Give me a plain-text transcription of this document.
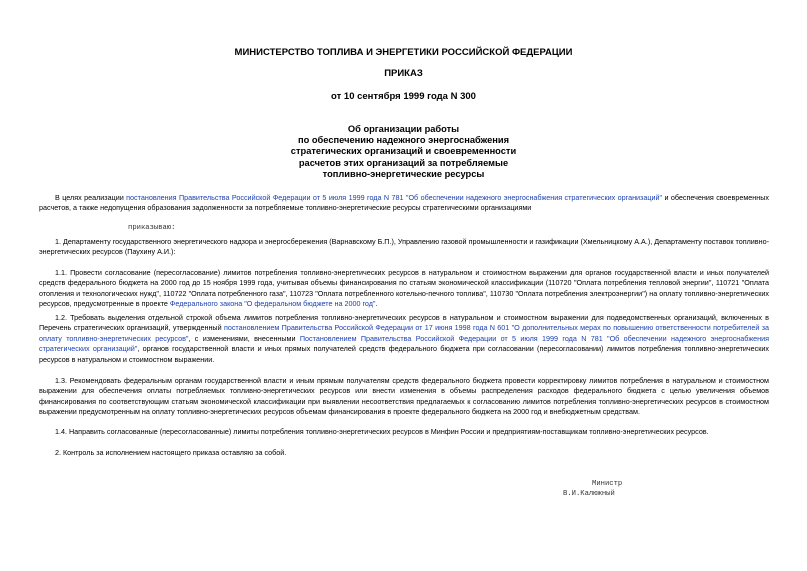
МИНИСТЕРСТВО ТОПЛИВА И ЭНЕРГЕТИКИ РОССИЙСКОЙ ФЕДЕРАЦИИ
ПРИКАЗ
от 10 сентября 1999 года N 300
Об организации работы
по обеспечению надежного энергоснабжения
стратегических организаций и своевременности
расчетов этих организаций за потребляемые
топливно-энергетические ресурсы
В целях реализации постановления Правительства Российской Федерации от 5 июля 1999 года N 781 "Об обеспечении надежного энергоснабжения стратегических организаций" и обеспечения своевременных расчетов, а также недопущения образования задолженности за потребляемые топливно-энергетические ресурсы стратегическими организациями
приказываю:
1. Департаменту государственного энергетического надзора и энергосбережения (Варнавскому Б.П.), Управлению газовой промышленности и газификации (Хмельницкому А.А.), Департаменту поставок топливно-энергетических ресурсов (Паухину А.И.):
1.1. Провести согласование (пересогласование) лимитов потребления топливно-энергетических ресурсов в натуральном и стоимостном выражении для органов государственной власти и иных получателей средств федерального бюджета на 2000 год до 15 ноября 1999 года, учитывая объемы финансирования по статьям экономической классификации (110720 "Оплата потребления тепловой энергии", 110721 "Оплата отопления и технологических нужд", 110722 "Оплата потребленного газа", 110723 "Оплата потребленного котельно-печного топлива", 110730 "Оплата потребления электроэнергии") на оплату топливно-энергетических ресурсов, предусмотренные в проекте Федерального закона "О федеральном бюджете на 2000 год".
1.2. Требовать выделения отдельной строкой объема лимитов потребления топливно-энергетических ресурсов в натуральном и стоимостном выражении для подведомственных организаций, включенных в Перечень стратегических организаций, утвержденный постановлением Правительства Российской Федерации от 17 июня 1998 года N 601 "О дополнительных мерах по повышению ответственности потребителей за оплату топливно-энергетических ресурсов", с изменениями, внесенными Постановлением Правительства Российской Федерации от 5 июля 1999 года N 781 "Об обеспечении надежного энергоснабжения стратегических организаций", органов государственной власти и иных прямых получателей средств федерального бюджета при согласовании (пересогласовании) лимитов потребления топливно-энергетических ресурсов в натуральном и стоимостном выражении.
1.3. Рекомендовать федеральным органам государственной власти и иным прямым получателям средств федерального бюджета провести корректировку лимитов потребления в натуральном и стоимостном выражении для обеспечения оплаты потребляемых топливно-энергетических ресурсов или внести изменения в объемы распределения расходов федерального бюджета с целью увеличения объемов финансирования по соответствующим статьям экономической классификации при выявлении несоответствия предлагаемых к согласованию лимитов потребления топливно-энергетических ресурсов в стоимостном выражении предусмотренным на оплату топливно-энергетических ресурсов объемам финансирования в проекте федерального бюджета на 2000 год и внебюджетным средствам.
1.4. Направить согласованные (пересогласованные) лимиты потребления топливно-энергетических ресурсов в Минфин России и предприятиям-поставщикам топливно-энергетических ресурсов.
2. Контроль за исполнением настоящего приказа оставляю за собой.
Министр
В.И.Калюжный
